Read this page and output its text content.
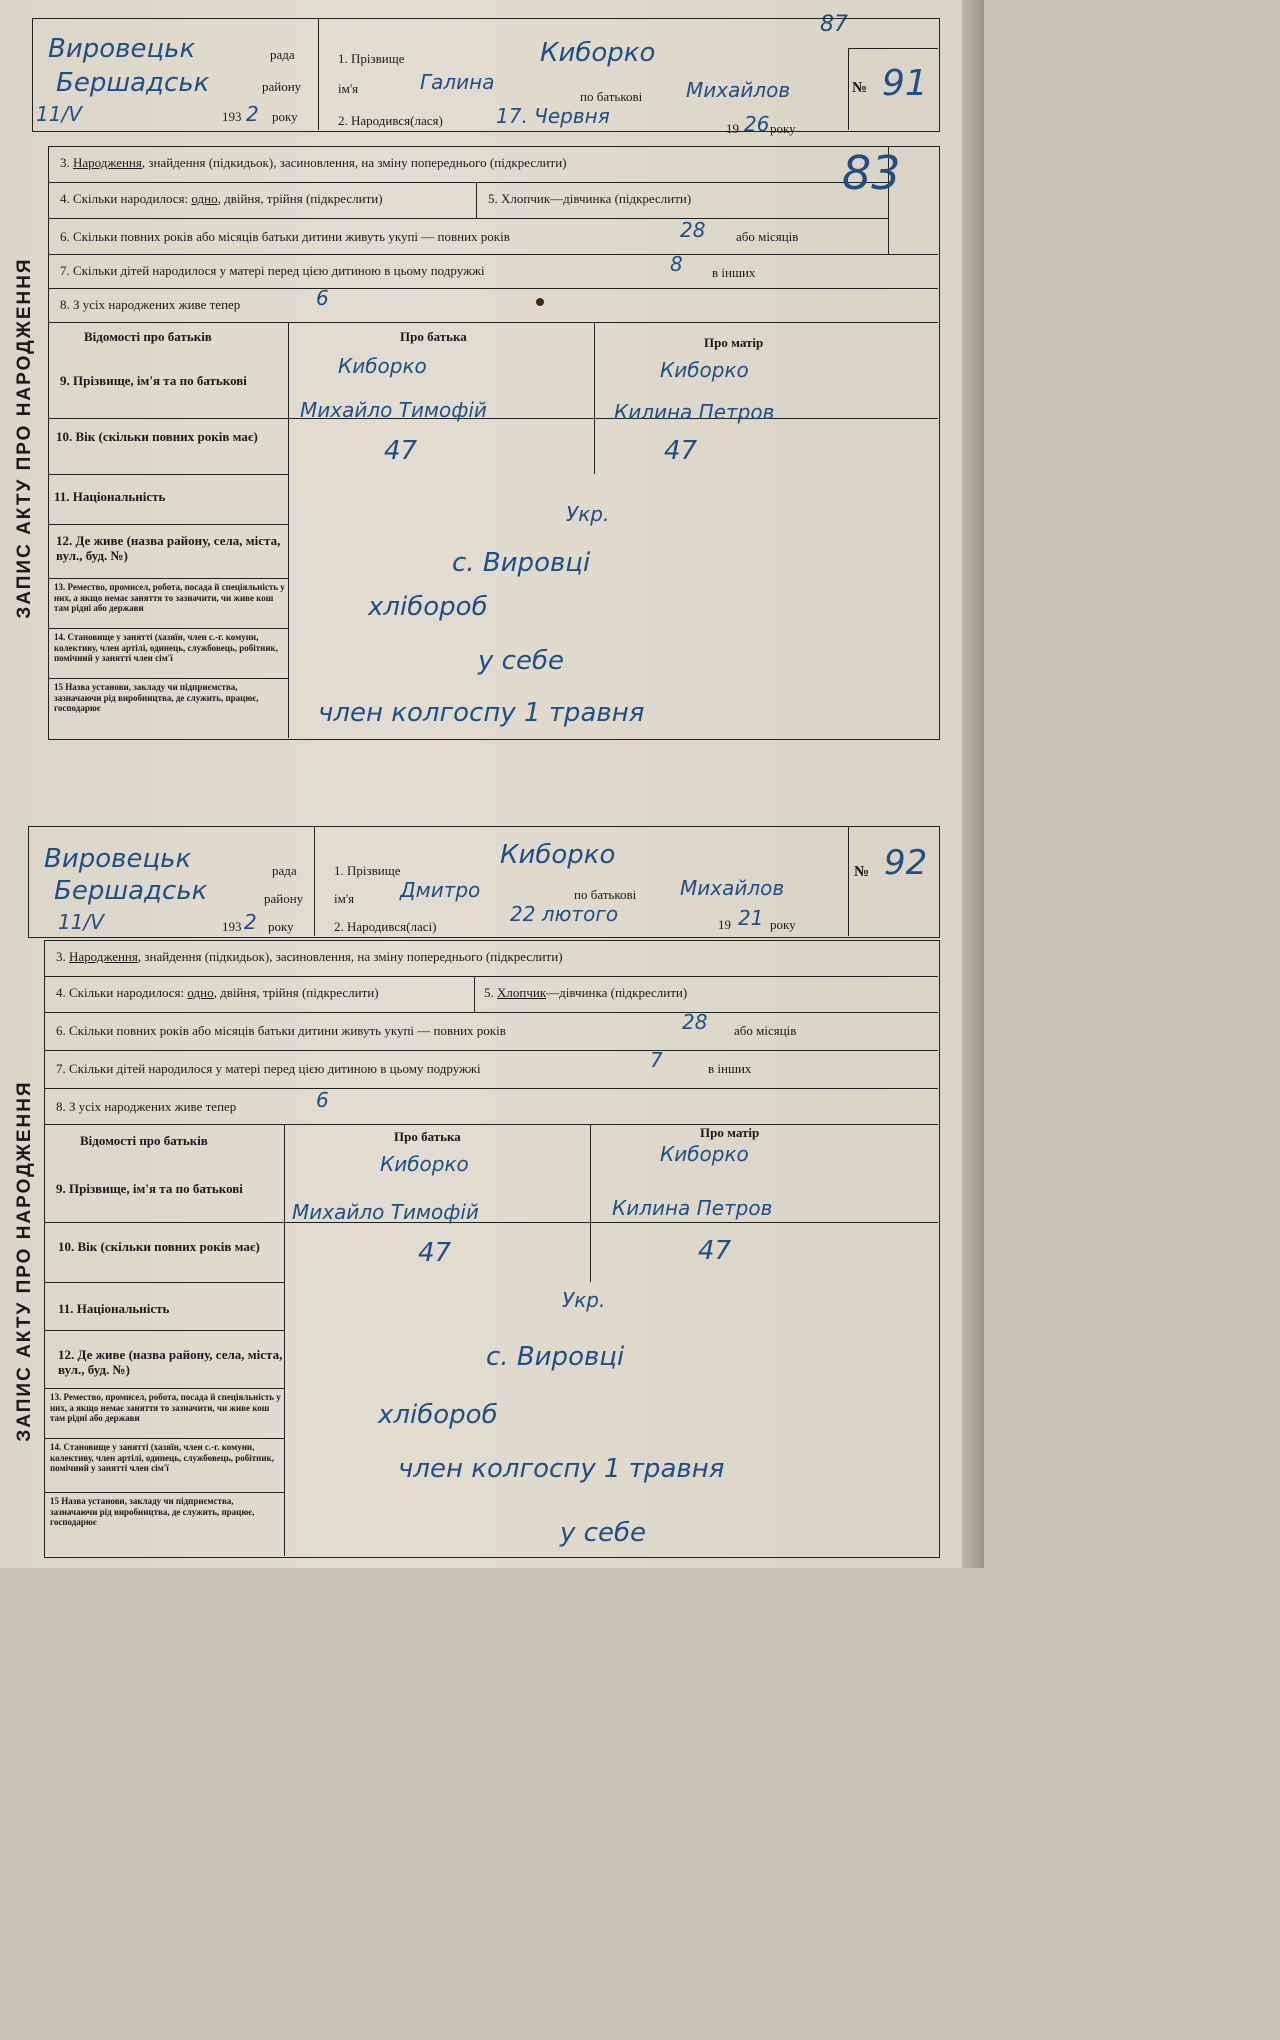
87
ЗАПИС АКТУ ПРО НАРОДЖЕННЯ
рада
району
193 року
Вировецьк
Бершадськ
11/V	2
1. Прізвище	Киборко
ім'я	Галина
по батькові Михайлов
2. Народився(лася)	17. Червня
19 26 року
№ 91
3. Народження, знайдення (підкидьок), засиновлення, на зміну попереднього (підкреслити)	83
4. Скільки народилося: одно, двійня, трійня (підкреслити)	5. Хлопчик—дівчинка (підкреслити)
6. Скільки повних років або місяців батьки дитини живуть укупі — повних років	28 або місяців
7. Скільки дітей народилося у матері перед цією дитиною в цьому подружжі	8 в інших
8. З усіх народжених живе тепер	6
Відомості про батьків	Про батька	Про матір
9. Прізвище, ім'я та по батькові
Киборко	Киборко
Михайло Тимофій	Килина Петров
10. Вік (скільки повних років має)	47	47
11. Національність
Укр.
12. Де живе (назва району, села, міста, вул., буд. №)	с. Вировці
13. Ремество, промисел, робота, посада й спеціяльність у них, а якщо немає заняття то зазначити, чи живе кош там рідні або держави	хлібороб
14. Становище у занятті (хазяїн, член с.-г. комуни, колективу, член артілі, одинець, службовець, робітник, помічний у занятті член сім'ї	у себе
15 Назва установи, закладу чи підприємства, зазначаючи рід виробництва, де служить, працює, господарює	член колгоспу 1 травня
ЗАПИС АКТУ ПРО НАРОДЖЕННЯ
рада
району
193 року
Вировецьк
Бершадськ
11/V	2
1. Прізвище
Киборко
ім'я Дмитро	по батькові Михайлов
2. Народився(ласі)
22 лютого	19 21 року
№ 92
3. Народження, знайдення (підкидьок), засиновлення, на зміну попереднього (підкреслити)
4. Скільки народилося: одно, двійня, трійня (підкреслити)	5. Хлопчик—дівчинка (підкреслити)
6. Скільки повних років або місяців батьки дитини живуть укупі — повних років	28 або місяців
7. Скільки дітей народилося у матері перед цією дитиною в цьому подружжі	7	в інших
8. З усіх народжених живе тепер	6
Відомості про батьків	Про батька	Про матір
9. Прізвище, ім'я та по батькові
Киборко	Киборко
Михайло Тимофій	Килина Петров
10. Вік (скільки повних років має)	47	47
11. Національність	Укр.
12. Де живе (назва району, села, міста, вул., буд. №)	с. Вировці
13. Ремество, промисел, робота, посада й спеціяльність у них, а якщо немає заняття то зазначити, чи живе кош там рідні або держави	хлібороб
14. Становище у занятті (хазяїн, член с.-г. комуни, колективу, член артілі, одинець, службовець, робітник, помічний у занятті член сім'ї	член колгоспу 1 травня
15 Назва установи, закладу чи підприємства, зазначаючи рід виробництва, де служить, працює, господарює	у себе
